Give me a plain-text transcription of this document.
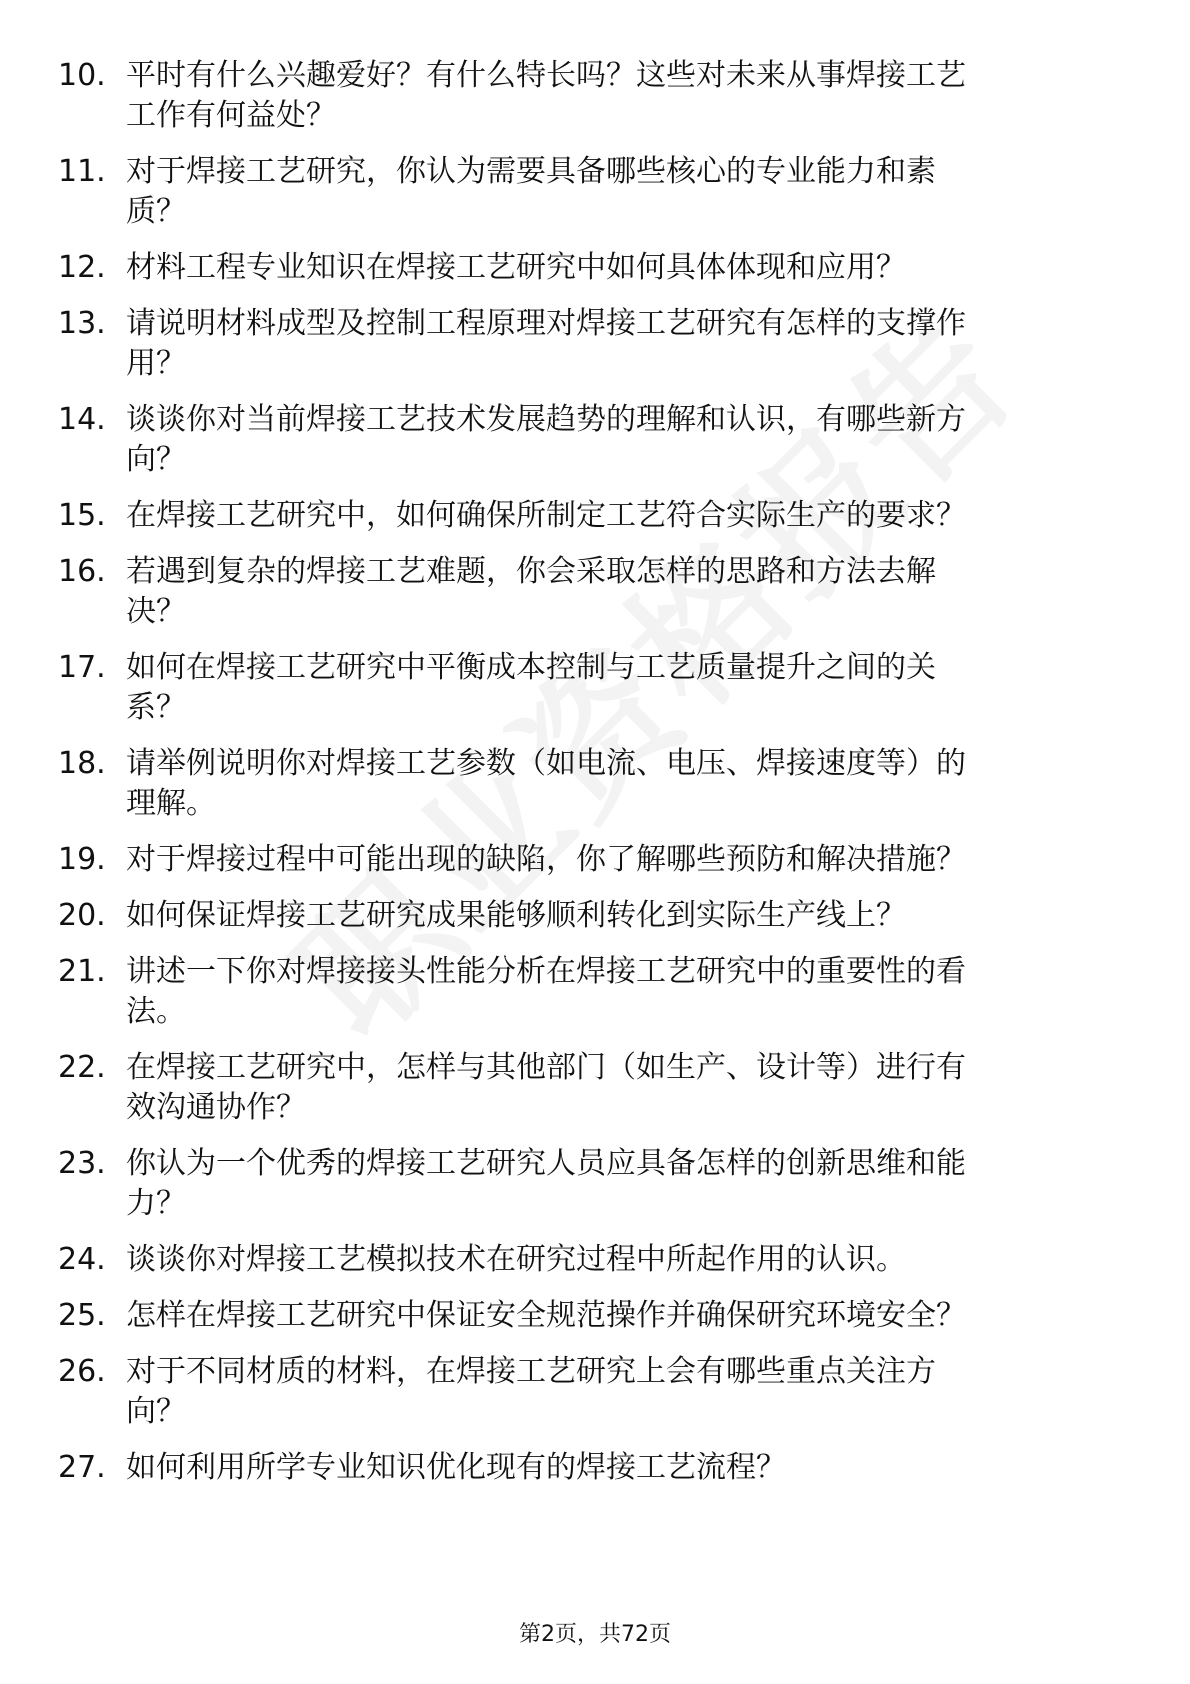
10. 平时有什么兴趣爱好？有什么特长吗？这些对未来从事焊接工艺
工作有何益处？
11. 对于焊接工艺研究，你认为需要具备哪些核心的专业能力和素
质？
12. 材料工程专业知识在焊接工艺研究中如何具体体现和应用？
13. 请说明材料成型及控制工程原理对焊接工艺研究有怎样的支撑作
用？
14. 谈谈你对当前焊接工艺技术发展趋势的理解和认识，有哪些新方
向？
15. 在焊接工艺研究中，如何确保所制定工艺符合实际生产的要求？
16. 若遇到复杂的焊接工艺难题，你会采取怎样的思路和方法去解
决？
17. 如何在焊接工艺研究中平衡成本控制与工艺质量提升之间的关
系？
18. 请举例说明你对焊接工艺参数（如电流、电压、焊接速度等）的
理解。
19. 对于焊接过程中可能出现的缺陷，你了解哪些预防和解决措施？
20. 如何保证焊接工艺研究成果能够顺利转化到实际生产线上？
21. 讲述一下你对焊接接头性能分析在焊接工艺研究中的重要性的看
法。
22. 在焊接工艺研究中，怎样与其他部门（如生产、设计等）进行有
效沟通协作？
23. 你认为一个优秀的焊接工艺研究人员应具备怎样的创新思维和能
力？
24. 谈谈你对焊接工艺模拟技术在研究过程中所起作用的认识。
25. 怎样在焊接工艺研究中保证安全规范操作并确保研究环境安全？
26. 对于不同材质的材料，在焊接工艺研究上会有哪些重点关注方
向？
27. 如何利用所学专业知识优化现有的焊接工艺流程？
第2页，共72页
